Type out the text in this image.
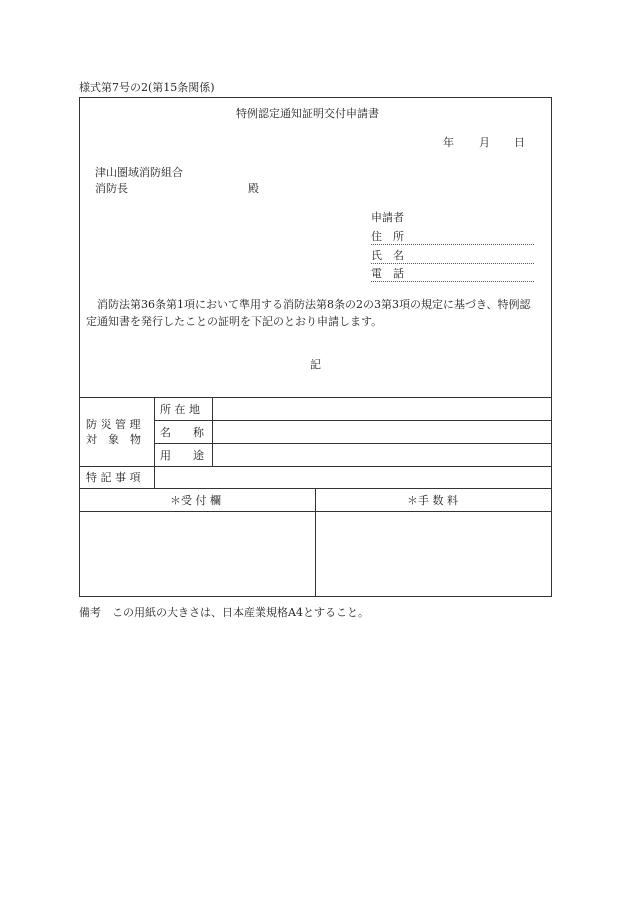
様式第7号の2(第15条関係)
特例認定通知証明交付申請書
年 月 日
津山圏域消防組合
消防長	殿
申請者
住　所
氏　名
電　話
消防法第36条第1項において準用する消防法第8条の2の3第3項の規定に基づき、特例認
定通知書を発行したことの証明を下記のとおり申請します。
記
防 災 管 理
対　象　物
所 在 地
名　　称
用　　途
特 記 事 項
＊受 付 欄	＊手 数 料
備考　この用紙の大きさは、日本産業規格A4とすること。
